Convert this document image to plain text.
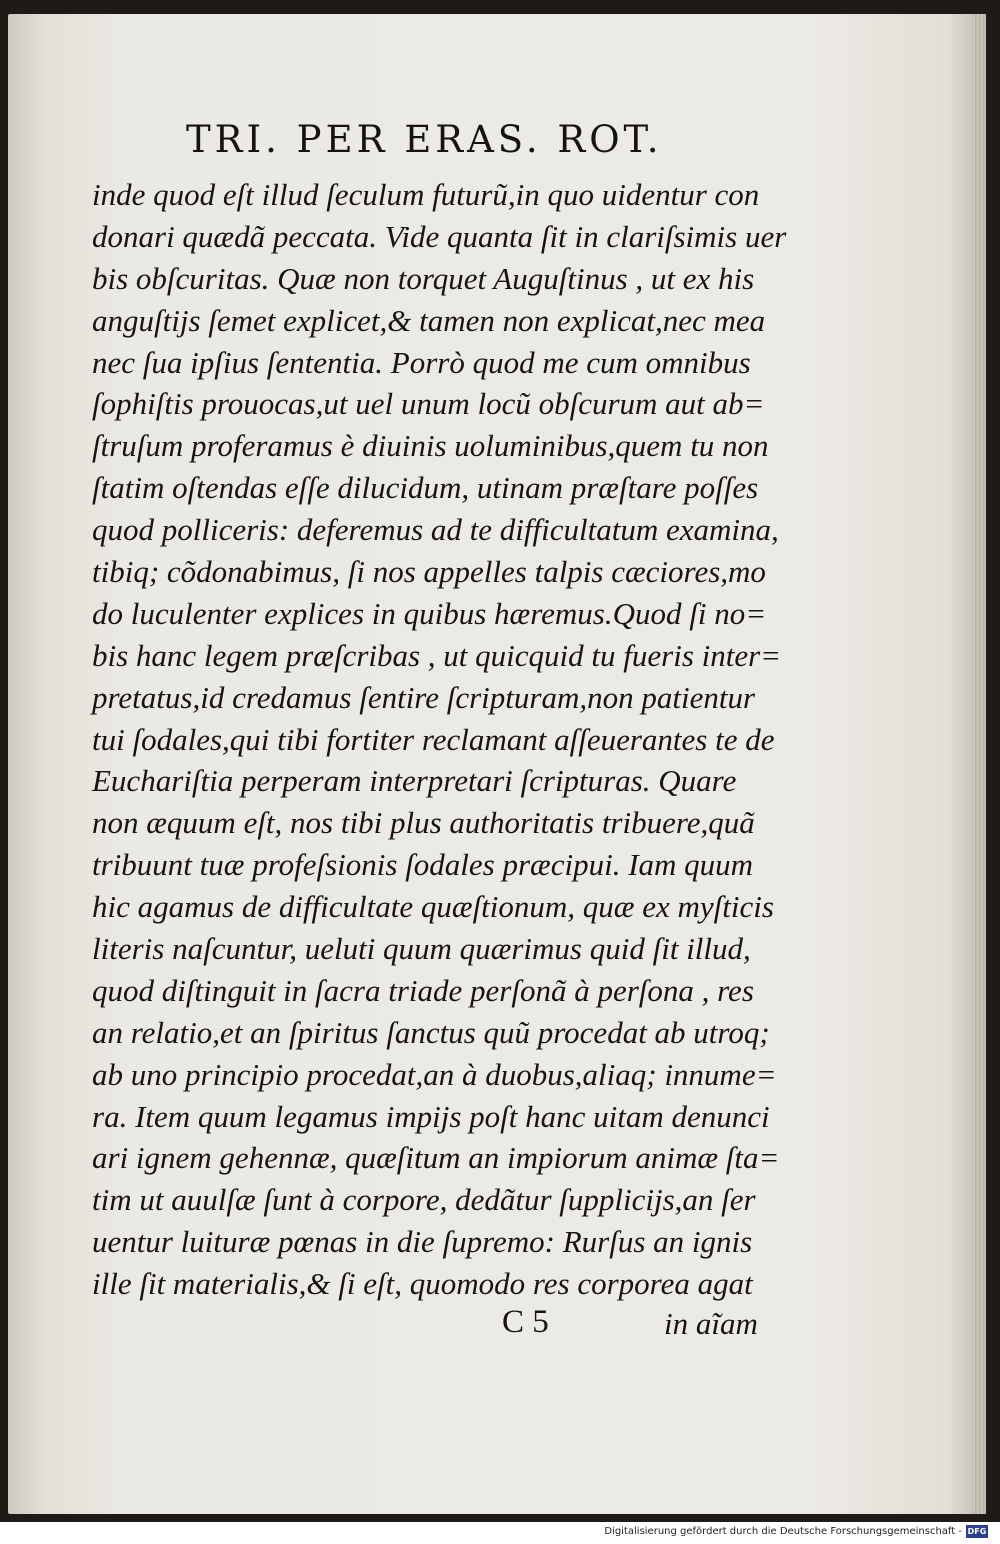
TRI. PER ERAS. ROT.
inde quod eſt illud ſeculum futurũ,in quo uidentur con
donari quædã peccata. Vide quanta ſit in clariſsimis uer
bis obſcuritas. Quæ non torquet Auguſtinus , ut ex his
anguſtijs ſemet explicet,& tamen non explicat,nec mea
nec ſua ipſius ſententia. Porrò quod me cum omnibus
ſophiſtis prouocas,ut uel unum locũ obſcurum aut ab=
ſtruſum proferamus è diuinis uoluminibus,quem tu non
ſtatim oſtendas eſſe dilucidum, utinam præſtare poſſes
quod polliceris: deferemus ad te difficultatum examina,
tibiq; cõdonabimus, ſi nos appelles talpis cæciores,mo
do luculenter explices in quibus hæremus.Quod ſi no=
bis hanc legem præſcribas , ut quicquid tu fueris inter=
pretatus,id credamus ſentire ſcripturam,non patientur
tui ſodales,qui tibi fortiter reclamant aſſeuerantes te de
Euchariſtia perperam interpretari ſcripturas. Quare
non æquum eſt, nos tibi plus authoritatis tribuere,quã
tribuunt tuæ profeſsionis ſodales præcipui. Iam quum
hic agamus de difficultate quæſtionum, quæ ex myſticis
literis naſcuntur, ueluti quum quærimus quid ſit illud,
quod diſtinguit in ſacra triade perſonã à perſona , res
an relatio,et an ſpiritus ſanctus quũ procedat ab utroq;
ab uno principio procedat,an à duobus,aliaq; innume=
ra. Item quum legamus impijs poſt hanc uitam denunci
ari ignem gehennæ, quæſitum an impiorum animæ ſta=
tim ut auulſæ ſunt à corpore, dedãtur ſupplicijs,an ſer
uentur luituræ pœnas in die ſupremo: Rurſus an ignis
ille ſit materialis,& ſi eſt, quomodo res corporea agat
C 5	in aĩam
Digitalisierung gefördert durch die Deutsche Forschungsgemeinschaft - DFG
